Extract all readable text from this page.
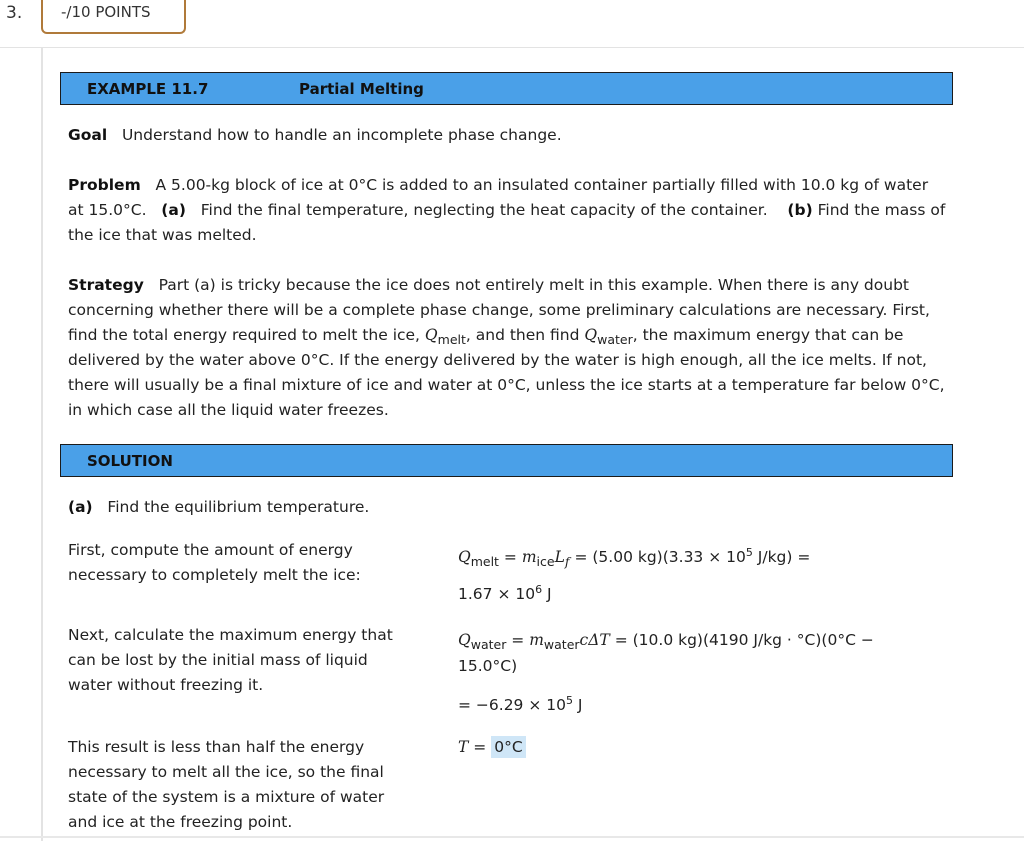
3.	-/10 POINTS
EXAMPLE 11.7	Partial Melting
Goal Understand how to handle an incomplete phase change.
Problem A 5.00-kg block of ice at 0°C is added to an insulated container partially filled with 10.0 kg of water at 15.0°C. (a) Find the final temperature, neglecting the heat capacity of the container. (b) Find the mass of the ice that was melted.
Strategy Part (a) is tricky because the ice does not entirely melt in this example. When there is any doubt concerning whether there will be a complete phase change, some preliminary calculations are necessary. First, find the total energy required to melt the ice, $Q_{melt}$, and then find $Q_{water}$, the maximum energy that can be delivered by the water above 0°C. If the energy delivered by the water is high enough, all the ice melts. If not, there will usually be a final mixture of ice and water at 0°C, unless the ice starts at a temperature far below 0°C, in which case all the liquid water freezes.
SOLUTION
(a) Find the equilibrium temperature.
First, compute the amount of energy necessary to completely melt the ice:
$Q_{melt} = m_{ice}L_f = (5.00$ $kg)(3.33 \times 10^5$ J/kg) =
$1.67 \times 10^6$ J
Next, calculate the maximum energy that can be lost by the initial mass of liquid water without freezing it.
$Q_{water} = m_{water}c\Delta T = (10.0$ kg)(4190 J/kg · °C)(0°C −
15.0°C)
= $-6.29 \times 10^5$ J
This result is less than half the energy necessary to melt all the ice, so the final state of the system is a mixture of water and ice at the freezing point.
T = 0°C
